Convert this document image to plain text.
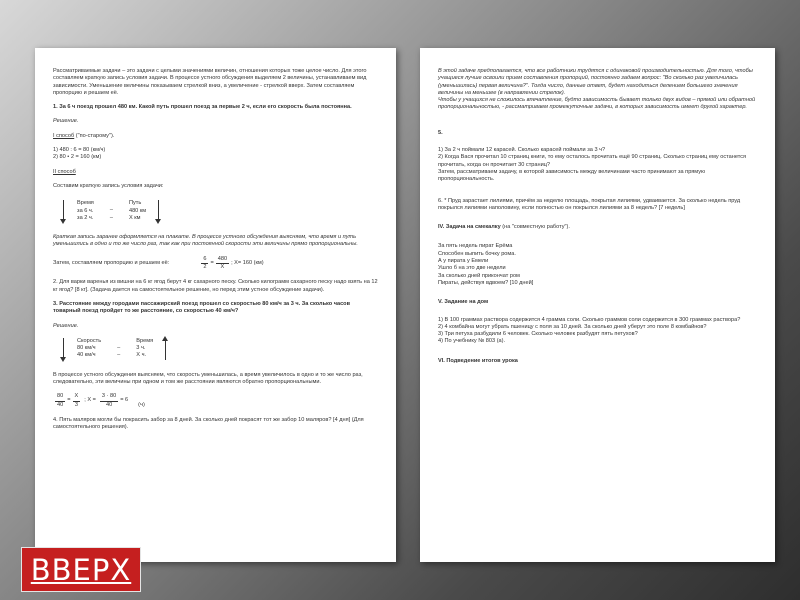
Рассматриваемые задачи – это задачи с целыми значениями величин, отношения которых тоже целое число. Для этого составляем краткую запись условия задачи. В процессе устного обсуждения выделяем 2 величины, устанавливаем вид зависимости. Уменьшение величины показываем стрелкой вниз, а увеличение - стрелкой вверх. Затем составляем пропорцию и решаем её.
1. За 6 ч поезд прошел 480 км. Какой путь прошел поезд за первые 2 ч, если его скорость была постоянна.
Решение.
I способ ("по-старому").
1) 480 : 6 = 80 (км/ч)
2) 80 • 2 = 160 (км)
II способ
Составим краткую запись условия задачи:
Время
за 6 ч.
за 2 ч.
–
–
Путь
480 км
Х км
Краткая запись заранее оформляется на плакате. В процессе устного обсуждения выясняем, что время и путь уменьшились в одно и то же число раз, так как при постоянной скорости эти величины прямо пропорциональны.
Затем, составляем пропорцию и решаем её:	$\frac{6}{2} = \frac{480}{Х}$ ; Х= 160 (км)
2. Для варки варенья из вишни на 6 кг ягод берут 4 кг сахарного песку. Сколько килограмм сахарного песку надо взять на 12 кг ягод? [8 кг]. (Задача дается на самостоятельное решение, но перед этим устное обсуждение задачи).
3. Расстояние между городами пассажирский поезд прошел со скоростью 80 км/ч за 3 ч. За сколько часов товарный поезд пройдет то же расстояние, со скоростью 40 км/ч?
Решение.
Скорость
80 км/ч
40 км/ч
–
–
Время
3 ч.
Х ч.
В процессе устного обсуждения выясняем, что скорость уменьшилась, а время увеличилось в одно и то же число раз, следовательно, эти величины при одном и том же расстоянии являются обратно пропорциональными.
$\frac{80}{40} = \frac{Х}{3}$ ; $Х = \frac{3 \cdot 80}{40} = 6$
(ч)
4. Пять маляров могли бы покрасить забор за 8 дней. За сколько дней покрасят тот же забор 10 маляров? [4 дня] (Для самостоятельного решения).
В этой задаче предполагается, что все работники трудятся с одинаковой производительностью. Для того, чтобы учащиеся лучше освоили прием составления пропорций, постоянно задаем вопрос: "Во сколько раз увеличилась (уменьшилась) первая величина?". Тогда число, данные ответ, будет находиться делением большего значения величины на меньшее (в направлении стрелок).
Чтобы у учащихся не сложилось впечатление, будто зависимость бывает только двух видов – прямой или обратной пропорциональностью, - рассматриваем промежуточные задачи, в которых зависимость имеет другой характер.
5.
1) За 2 ч поймали 12 карасей. Сколько карасей поймали за 3 ч?
2) Когда Вася прочитал 10 страниц книги, то ему осталось прочитать ещё 90 страниц. Сколько страниц ему останется прочитать, когда он прочитает 30 страниц?
Затем, рассматриваем задачу, в которой зависимость между величинами часто принимают за прямую пропорциональность.
6. * Пруд зарастает лилиями, причём за неделю площадь, покрытая лилиями, удваивается. За сколько недель пруд покрылся лилиями наполовину, если полностью он покрылся лилиями за 8 недель? [7 недель]
IV. Задача на смекалку (на "совместную работу").
За пять недель пират Ерёма
Способен выпить бочку рома.
А у пирата у Емели
Ушло б на это две недели
За сколько дней прикончат ром
Пираты, действуя вдвоем? [10 дней]
V. Задание на дом
1) В 100 граммах раствора содержится 4 грамма соли. Сколько граммов соли содержится в 300 граммах раствора?
2) 4 комбайна могут убрать пшеницу с поля за 10 дней. За сколько дней уберут это поле 8 комбайнов?
3) Три петуха разбудили 6 человек. Сколько человек разбудят пять петухов?
4) По учебнику № 803 (а).
VI. Подведение итогов урока
ВВЕРХ
